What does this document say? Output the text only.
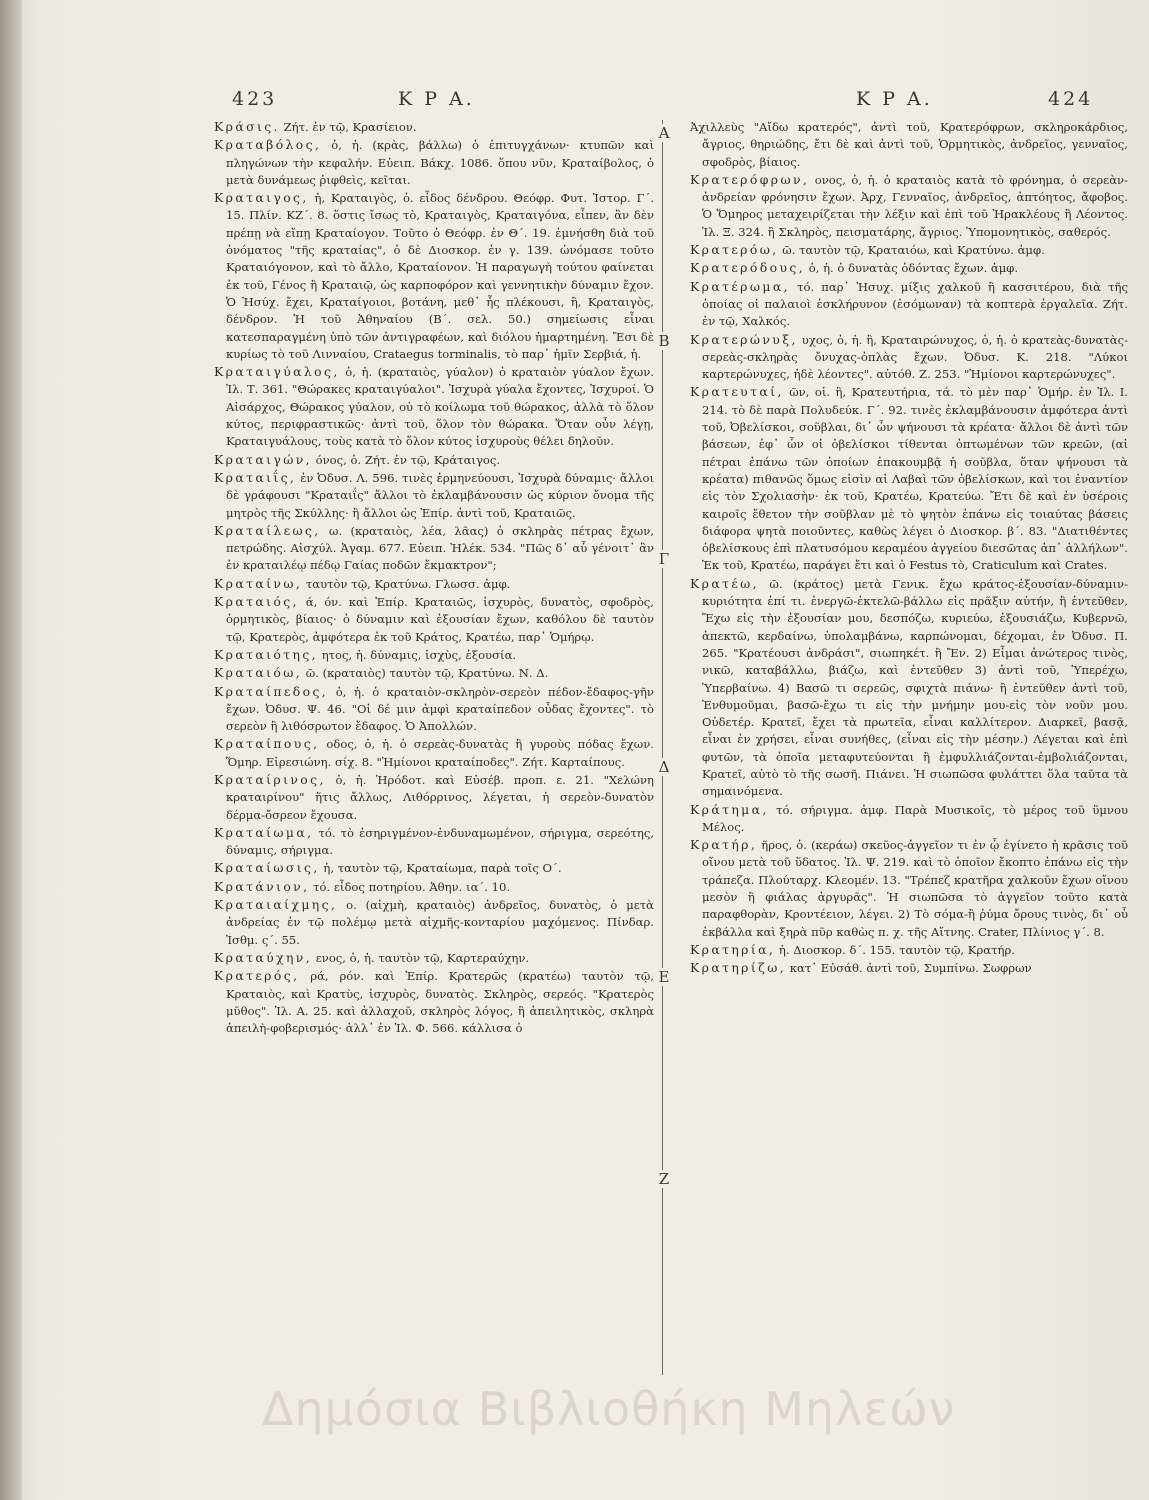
423	Κ Ρ Α.	Κ Ρ Α.	424

Κράσις. Ζήτ. ἐν τῷ, Κρασίειον.

Κραταβόλος, ὁ, ἡ. (κρὰς, βάλλω) ὁ ἐπιτυγχάνων· κτυπῶν καὶ πληγώνων τὴν κεφαλήν. Εὐειπ. Βάκχ. 1086. ὅπου νῦν, Κραταίβολος, ὁ μετὰ δυνάμεως ῤιφθεὶς, κεῖται.

Κραταιγος, ἡ, Κραταιγὸς, ὁ. εἶδος δένδρου. Θεόφρ. Φυτ. Ἱστορ. Γ΄. 15. Πλίν. ΚΖ΄. 8. ὅστις ἴσως τὸ, Κραταιγὸς, Κραταιγόνα, εἶπεν, ἂν δὲν πρέπῃ νὰ εἴπῃ Κραταίογον. Τοῦτο ὁ Θεόφρ. ἐν Θ΄. 19. ἐμνήσθη διὰ τοῦ ὀνόματος "τῆς κραταίας", ὁ δὲ Διοσκορ. ἐν γ. 139. ὠνόμασε τοῦτο Κραταιόγονον, καὶ τὸ ἄλλο, Κραταίονον. Ἡ παραγωγὴ τούτου φαίνεται ἐκ τοῦ, Γένος ἢ Κραταιῷ, ὡς καρποφόρον καὶ γεννητικὴν δύναμιν ἔχον. Ὁ Ἡσύχ. ἔχει, Κραταίγοιοι, βοτάνη, μεθ᾽ ἧς πλέκουσι, ἢ, Κραταιγὸς, δένδρον. Ἡ τοῦ Ἀθηναίου (Β΄. σελ. 50.) σημείωσις εἶναι κατεσπαραγμένη ὑπὸ τῶν ἀντιγραφέων, καὶ διόλου ἡμαρτημένη. Ἔσι δὲ κυρίως τὸ τοῦ Λινναίου, Crataegus torminalis, τὸ παρ᾽ ἡμῖν Σερβιά, ἡ.

Κραταιγύαλος, ὁ, ἡ. (κραταιὸς, γύαλον) ὁ κραταιὸν γύαλον ἔχων. Ἰλ. Τ. 361. "Θώρακες κραταιγύαλοι". Ἰσχυρὰ γύαλα ἔχοντες, Ἰσχυροί. Ὁ Αἰσάρχος, Θώρακος γύαλον, οὐ τὸ κοίλωμα τοῦ θώρακος, ἀλλὰ τὸ ὅλον κύτος, περιφραστικῶς· ἀντὶ τοῦ, ὅλον τὸν θώρακα. Ὅταν οὖν λέγῃ, Κραταιγυάλους, τοὺς κατὰ τὸ ὅλον κύτος ἰσχυροὺς θέλει δηλοῦν.

Κραταιγών, όνος, ὁ. Ζήτ. ἐν τῷ, Κράταιγος.

Κραταιΐς, ἐν Ὀδυσ. Λ. 596. τινὲς ἑρμηνεύουσι, Ἰσχυρὰ δύναμις· ἄλλοι δὲ γράφουσι "Κραταιΐς" ἄλλοι τὸ ἐκλαμβάνουσιν ὡς κύριον ὄνομα τῆς μητρὸς τῆς Σκύλλης· ἢ ἄλλοι ὡς Ἐπίρ. ἀντὶ τοῦ, Κραταιῶς.

Κραταίλεως, ω. (κραταιὸς, λέα, λᾶας) ὁ σκληρὰς πέτρας ἔχων, πετρώδης. Αἰσχύλ. Ἀγαμ. 677. Εὐειπ. Ἠλέκ. 534. "Πῶς δ᾽ αὖ γένοιτ᾽ ἂν ἐν κραταιλέῳ πέδῳ Γαίας ποδῶν ἔκμακτρον";

Κραταίνω, ταυτὸν τῷ, Κρατύνω. Γλωσσ. ἀμφ.

Κραταιός, ά, όν. καὶ Ἐπίρ. Κραταιῶς, ἰσχυρὸς, δυνατὸς, σφοδρὸς, ὁρμητικὸς, βίαιος· ὁ δύναμιν καὶ ἐξουσίαν ἔχων, καθόλου δὲ ταυτὸν τῷ, Κρατερὸς, ἀμφότερα ἐκ τοῦ Κράτος, Κρατέω, παρ᾽ Ὁμήρῳ.

Κραταιότης, ητος, ἡ. δύναμις, ἰσχὺς, ἐξουσία.

Κραταιόω, ῶ. (κραταιὸς) ταυτὸν τῷ, Κρατύνω. Ν. Δ.

Κραταίπεδος, ὁ, ἡ. ὁ κραταιὸν-σκληρὸν-σερεὸν πέδον-ἔδαφος-γῆν ἔχων. Ὀδυσ. Ψ. 46. "Οἱ δέ μιν ἀμφὶ κραταίπεδον οὖδας ἔχοντες". τὸ σερεὸν ἢ λιθόσρωτον ἔδαφος. Ὁ Ἀπολλών.

Κραταίπους, οδος, ὁ, ἡ. ὁ σερεὰς-δυνατὰς ἢ γυροὺς πόδας ἔχων. Ὅμηρ. Εἰρεσιώνη. σίχ. 8. "Ἡμίονοι κραταίποδες". Ζήτ. Καρταίπους.

Κραταίρινος, ὁ, ἡ. Ἡρόδοτ. καὶ Εὐσέβ. προπ. ε. 21. "Χελώνη κραταιρίνου" ἥτις ἄλλως, Λιθόρρινος, λέγεται, ἡ σερεὸν-δυνατὸν δέρμα-ὄσρεον ἔχουσα.

Κραταίωμα, τό. τὸ ἐσηριγμένον-ἐνδυναμωμένον, σήριγμα, σερεότης, δύναμις, σήριγμα.

Κραταίωσις, ἡ, ταυτὸν τῷ, Κραταίωμα, παρὰ τοῖς Ο΄.

Κρατάνιον, τό. εἶδος ποτηρίου. Ἀθην. ια΄. 10.

Κραταιαίχμης, ο. (αἰχμὴ, κραταιὸς) ἀνδρεῖος, δυνατὸς, ὁ μετὰ ἀνδρείας ἐν τῷ πολέμῳ μετὰ αἰχμῆς-κονταρίου μαχόμενος. Πίνδαρ. Ἰσθμ. ς΄. 55.

Κραταύχην, ενος, ὁ, ἡ. ταυτὸν τῷ, Καρτεραύχην.

Κρατερός, ρά, ρόν. καὶ Ἐπίρ. Κρατερῶς (κρατέω) ταυτὸν τῷ, Κραταιὸς, καὶ Κρατὺς, ἰσχυρὸς, δυνατὸς. Σκληρὸς, σερεός. "Κρατερὸς μῦθος". Ἰλ. Α. 25. καὶ ἀλλαχοῦ, σκληρὸς λόγος, ἢ ἀπειλητικὸς, σκληρὰ ἀπειλὴ-φοβερισμός· ἀλλ᾽ ἐν Ἰλ. Φ. 566. κάλλισα ὁ

Α
Β
Γ
Δ
Ε
Ζ

Ἀχιλλεὺς "Αἴδω κρατερός", ἀντὶ τοῦ, Κρατερόφρων, σκληροκάρδιος, ἄγριος, θηριώδης, ἔτι δὲ καὶ ἀντὶ τοῦ, Ὁρμητικὸς, ἀνδρεῖος, γενναῖος, σφοδρὸς, βίαιος.

Κρατερόφρων, ονος, ὁ, ἡ. ὁ κραταιὸς κατὰ τὸ φρόνημα, ὁ σερεὰν-ἀνδρείαν φρόνησιν ἔχων. Ἀρχ, Γενναῖος, ἀνδρεῖος, ἀπτόητος, ἄφοβος. Ὁ Ὅμηρος μεταχειρίζεται τὴν λέξιν καὶ ἐπὶ τοῦ Ἡρακλέους ἢ Λέοντος. Ἰλ. Ξ. 324. ἢ Σκληρὸς, πεισματάρης, ἄγριος. Ὑπομονητικὸς, σαθερός.

Κρατερόω, ῶ. ταυτὸν τῷ, Κραταιόω, καὶ Κρατύνω. ἀμφ.

Κρατερόδους, ὁ, ἡ. ὁ δυνατὰς ὀδόντας ἔχων. ἀμφ.

Κρατέρωμα, τό. παρ᾽ Ἡσυχ. μίξις χαλκοῦ ἢ κασσιτέρου, διὰ τῆς ὁποίας οἱ παλαιοὶ ἐσκλήρυνον (ἐσόμωναν) τὰ κοπτερὰ ἐργαλεῖα. Ζήτ. ἐν τῷ, Χαλκός.

Κρατερώνυξ, υχος, ὁ, ἡ. ἢ, Κραταιρώνυχος, ὁ, ἡ. ὁ κρατεὰς-δυνατὰς-σερεὰς-σκληρὰς ὄνυχας-ὁπλὰς ἔχων. Ὀδυσ. Κ. 218. "Λύκοι καρτερώνυχες, ἠδὲ λέοντες". αὐτόθ. Ζ. 253. "Ἡμίονοι καρτερώνυχες".

Κρατευταί, ῶν, οἱ. ἢ, Κρατευτήρια, τά. τὸ μὲν παρ᾽ Ὁμήρ. ἐν Ἰλ. Ι. 214. τὸ δὲ παρὰ Πολυδεύκ. Γ΄. 92. τινὲς ἐκλαμβάνουσιν ἀμφότερα ἀντὶ τοῦ, Ὀβελίσκοι, σοῦβλαι, δι᾽ ὧν ψήνουσι τὰ κρέατα· ἄλλοι δὲ ἀντὶ τῶν βάσεων, ἐφ᾽ ὧν οἱ ὀβελίσκοι τίθενται ὀπτωμένων τῶν κρεῶν, (αἱ πέτραι ἐπάνω τῶν ὁποίων ἐπακουμβᾷ ἡ σοῦβλα, ὅταν ψήνουσι τὰ κρέατα) πιθανῶς ὅμως εἰσὶν αἱ Λαβαὶ τῶν ὀβελίσκων, καὶ τοι ἐναντίον εἰς τὸν Σχολιασὴν· ἐκ τοῦ, Κρατέω, Κρατεύω. Ἔτι δὲ καὶ ἐν ὑσέροις καιροῖς ἔθετον τὴν σοῦβλαν μὲ τὸ ψητὸν ἐπάνω εἰς τοιαύτας βάσεις διάφορα ψητὰ ποιοῦντες, καθὼς λέγει ὁ Διοσκορ. β΄. 83. "Διατιθέντες ὀβελίσκους ἐπὶ πλατυσόμου κεραμέου ἀγγείου διεσῶτας ἀπ᾽ ἀλλήλων". Ἐκ τοῦ, Κρατέω, παράγει ἔτι καὶ ὁ Festus τὸ, Craticulum καὶ Crates.

Κρατέω, ῶ. (κράτος) μετὰ Γενικ. ἔχω κράτος-ἐξουσίαν-δύναμιν-κυριότητα ἐπί τι. ἐνεργῶ-ἐκτελῶ-βάλλω εἰς πρᾶξιν αὐτήν, ἢ ἐντεῦθεν, Ἔχω εἰς τὴν ἐξουσίαν μου, δεσπόζω, κυριεύω, ἐξουσιάζω, Κυβερνῶ, ἀπεκτῶ, κερδαίνω, ὑπολαμβάνω, καρπώνομαι, δέχομαι, ἐν Ὀδυσ. Π. 265. "Κρατέουσι ἀνδράσι", σιωπηκέτ. ἢ Ἔν. 2) Εἶμαι ἀνώτερος τινὸς, νικῶ, καταβάλλω, βιάζω, καὶ ἐντεῦθεν 3) ἀντὶ τοῦ, Ὑπερέχω, Ὑπερβαίνω. 4) Βασῶ τι σερεῶς, σφιχτὰ πιάνω· ἢ ἐντεῦθεν ἀντὶ τοῦ, Ἐνθυμοῦμαι, βασῶ-ἔχω τι εἰς τὴν μνήμην μου-εἰς τὸν νοῦν μου. Οὐδετέρ. Κρατεῖ, ἔχει τὰ πρωτεῖα, εἶναι καλλίτερον. Διαρκεῖ, βασᾷ, εἶναι ἐν χρήσει, εἶναι συνήθες, (εἶναι εἰς τὴν μέσην.) Λέγεται καὶ ἐπὶ φυτῶν, τὰ ὁποῖα μεταφυτεύονται ἢ ἐμφυλλιάζονται-ἐμβολιάζονται, Κρατεῖ, αὐτὸ τὸ τῆς σωσῆ. Πιάνει. Ἡ σιωπῶσα φυλάττει ὅλα ταῦτα τὰ σημαινόμενα.

Κράτημα, τό. σήριγμα. ἀμφ. Παρὰ Μυσικοῖς, τὸ μέρος τοῦ ὕμνου Μέλος.

Κρατήρ, ῆρος, ὁ. (κεράω) σκεῦος-ἀγγεῖον τι ἐν ᾧ ἐγίνετο ἡ κρᾶσις τοῦ οἴνου μετὰ τοῦ ὕδατος. Ἰλ. Ψ. 219. καὶ τὸ ὁποῖον ἔκοπτο ἐπάνω εἰς τὴν τράπεζα. Πλούταρχ. Κλεομέν. 13. "Τρέπεζ κρατῆρα χαλκοῦν ἔχων οἴνου μεσὸν ἢ φιάλας ἀργυρᾶς". Ἡ σιωπῶσα τὸ ἀγγεῖον τοῦτο κατὰ παραφθορὰν, Κροντέειον, λέγει. 2) Τὸ σόμα-ἢ ῥύμα ὄρους τινὸς, δι᾽ οὗ ἐκβάλλα καὶ ξηρὰ πῦρ καθὼς π. χ. τῆς Αἴτνης. Crater, Πλίνιος γ΄. 8.

Κρατηρία, ἡ. Διοσκορ. δ΄. 155. ταυτὸν τῷ, Κρατήρ.

Κρατηρίζω, κατ᾽ Εὐσάθ. ἀντὶ τοῦ, Συμπίνω. Σωφρων

Δημόσια Βιβλιοθήκη Μηλεών
